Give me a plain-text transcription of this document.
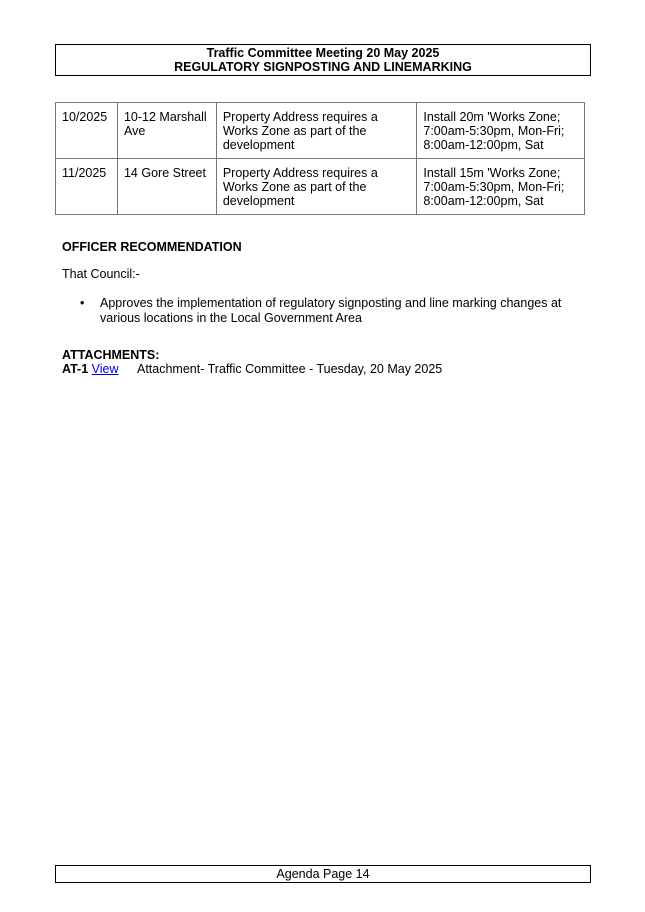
Traffic Committee Meeting 20 May 2025
REGULATORY SIGNPOSTING AND LINEMARKING
10/2025	10-12 Marshall Ave	Property Address requires a Works Zone as part of the development	Install 20m 'Works Zone; 7:00am-5:30pm, Mon-Fri; 8:00am-12:00pm, Sat
11/2025	14 Gore Street	Property Address requires a Works Zone as part of the development	Install 15m 'Works Zone; 7:00am-5:30pm, Mon-Fri; 8:00am-12:00pm, Sat
OFFICER RECOMMENDATION
That Council:-
• Approves the implementation of regulatory signposting and line marking changes at various locations in the Local Government Area
ATTACHMENTS:
AT-1 View Attachment- Traffic Committee - Tuesday, 20 May 2025
Agenda Page 14
